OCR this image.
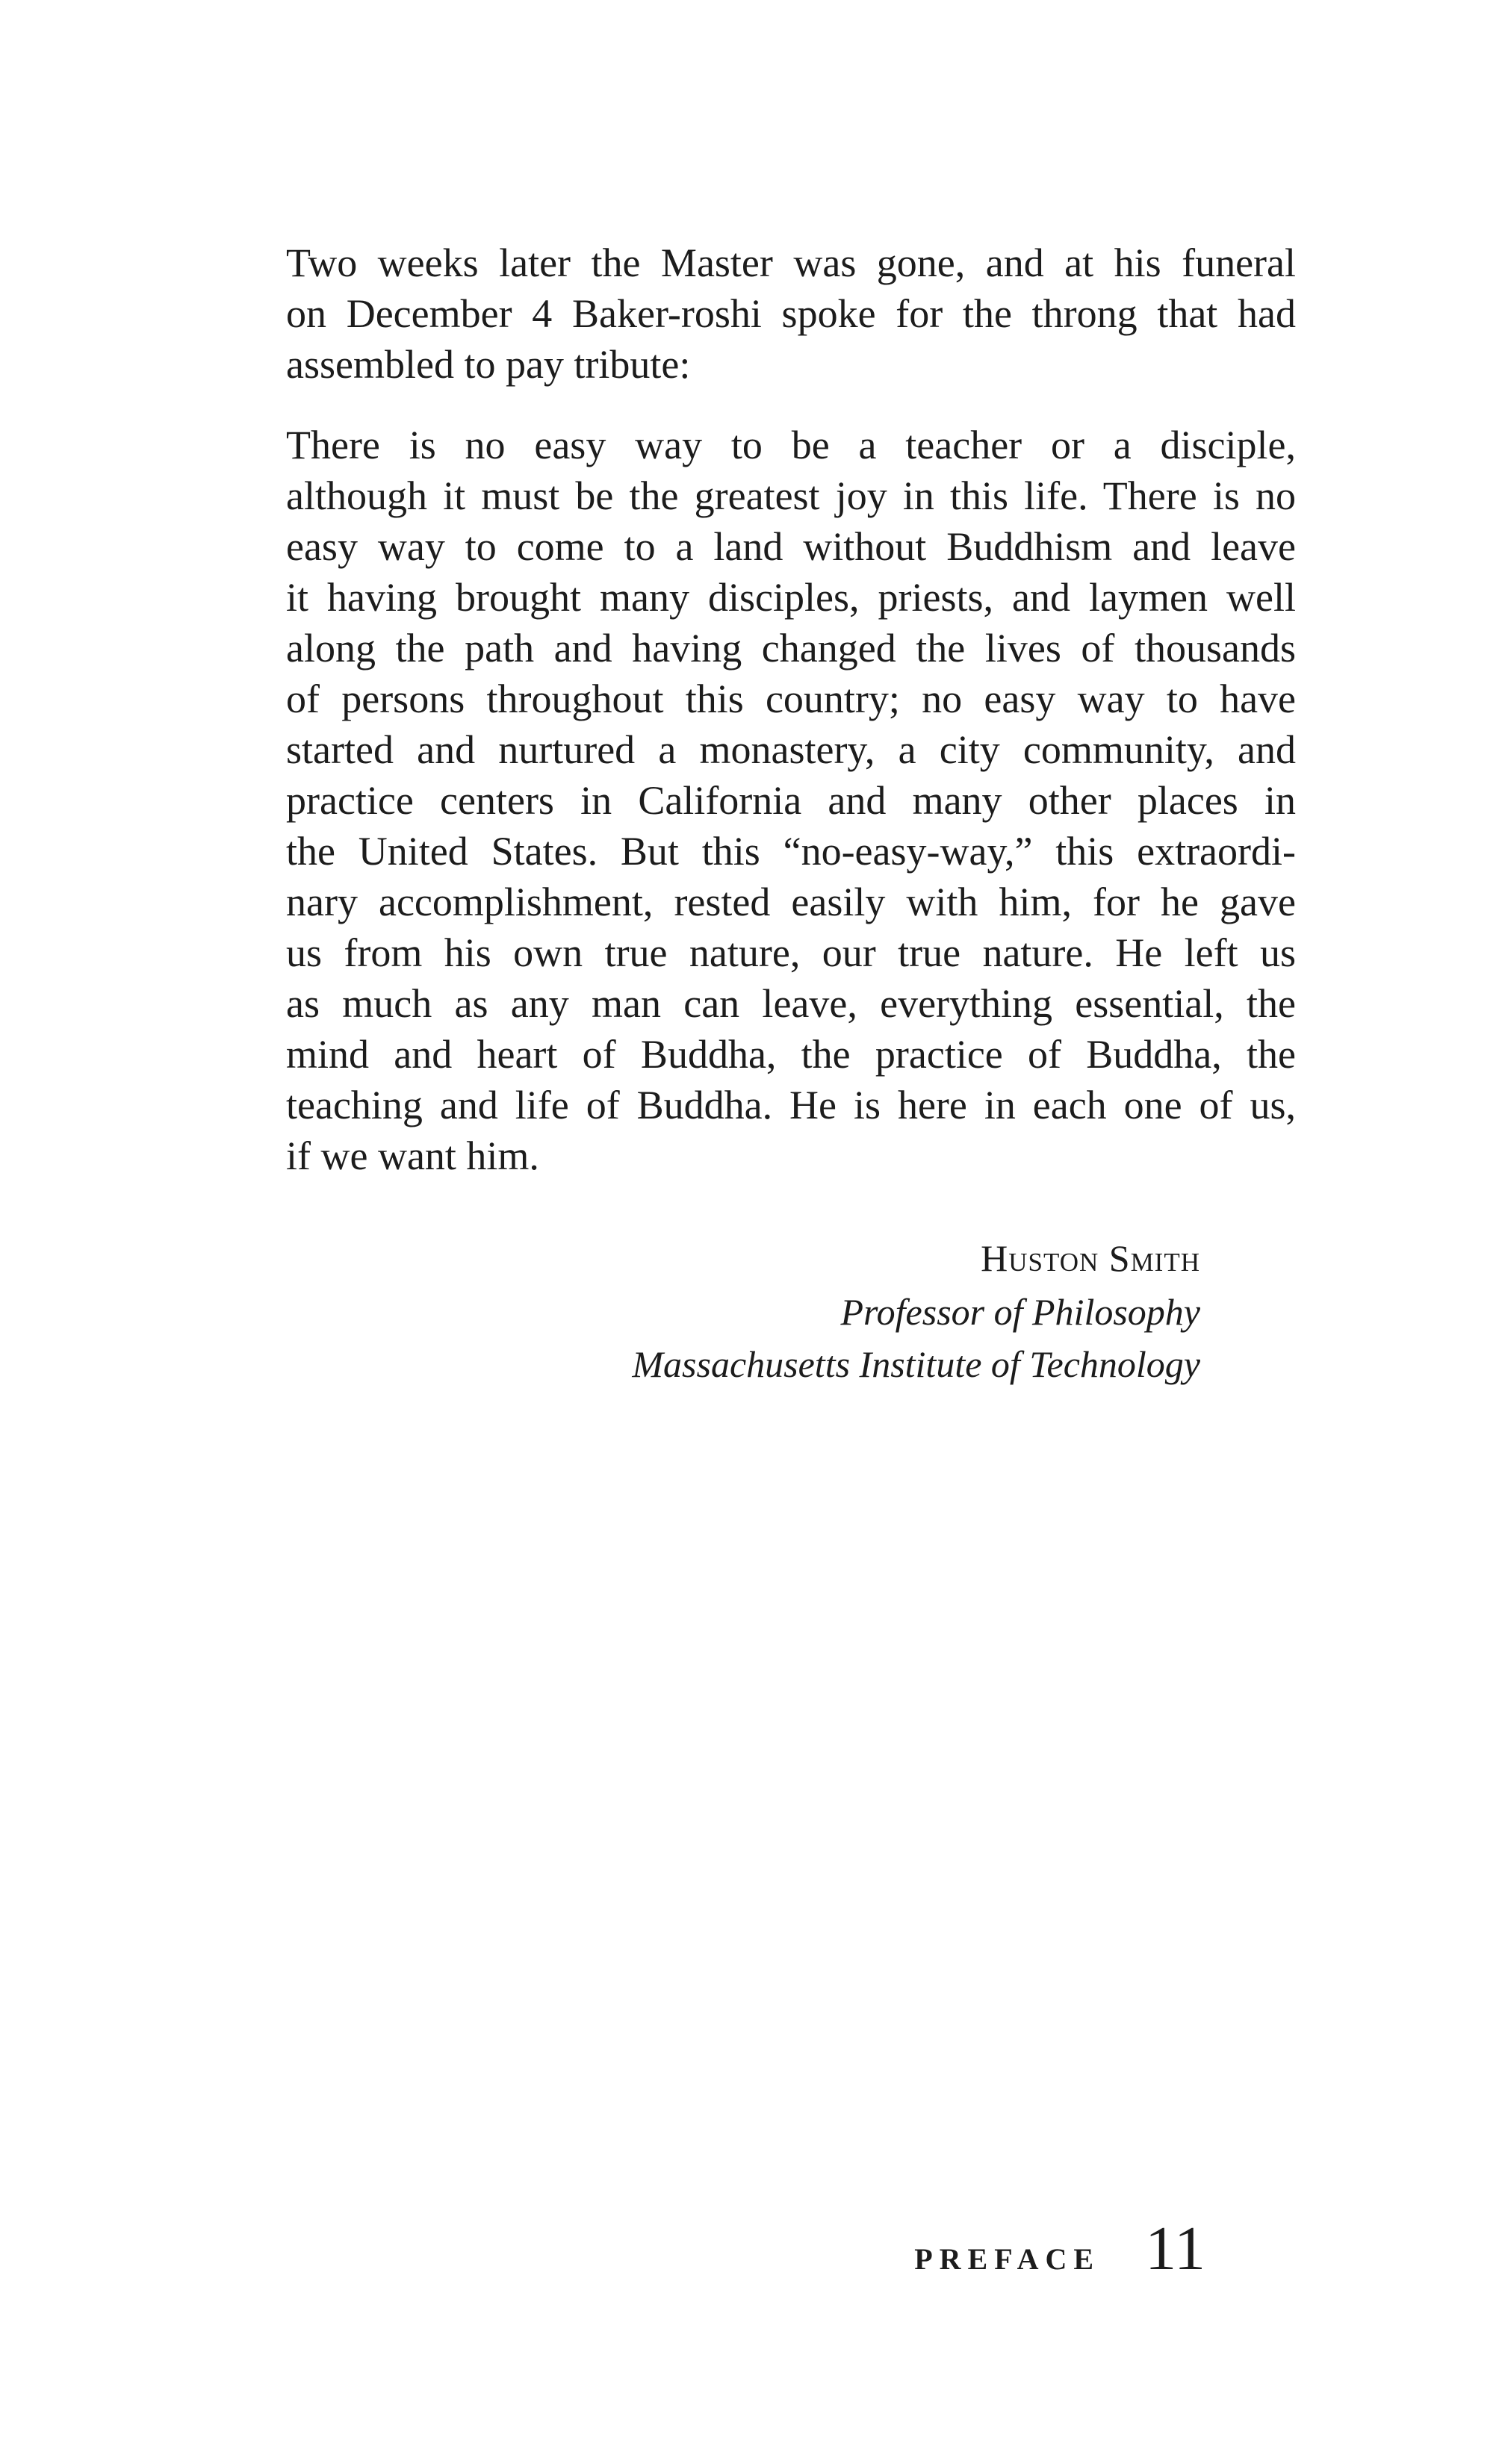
Two weeks later the Master was gone, and at his funeral

on December 4 Baker-roshi spoke for the throng that had

assembled to pay tribute:

There is no easy way to be a teacher or a disciple,

although it must be the greatest joy in this life. There is no

easy way to come to a land without Buddhism and leave

it having brought many disciples, priests, and laymen well

along the path and having changed the lives of thousands

of persons throughout this country; no easy way to have

started and nurtured a monastery, a city community, and

practice centers in California and many other places in

the United States. But this “no-easy-way,” this extraordi-

nary accomplishment, rested easily with him, for he gave

us from his own true nature, our true nature. He left us

as much as any man can leave, everything essential, the

mind and heart of Buddha, the practice of Buddha, the

teaching and life of Buddha. He is here in each one of us,

if we want him.

Huston Smith

Professor of Philosophy

Massachusetts Institute of Technology

PREFACE 11
